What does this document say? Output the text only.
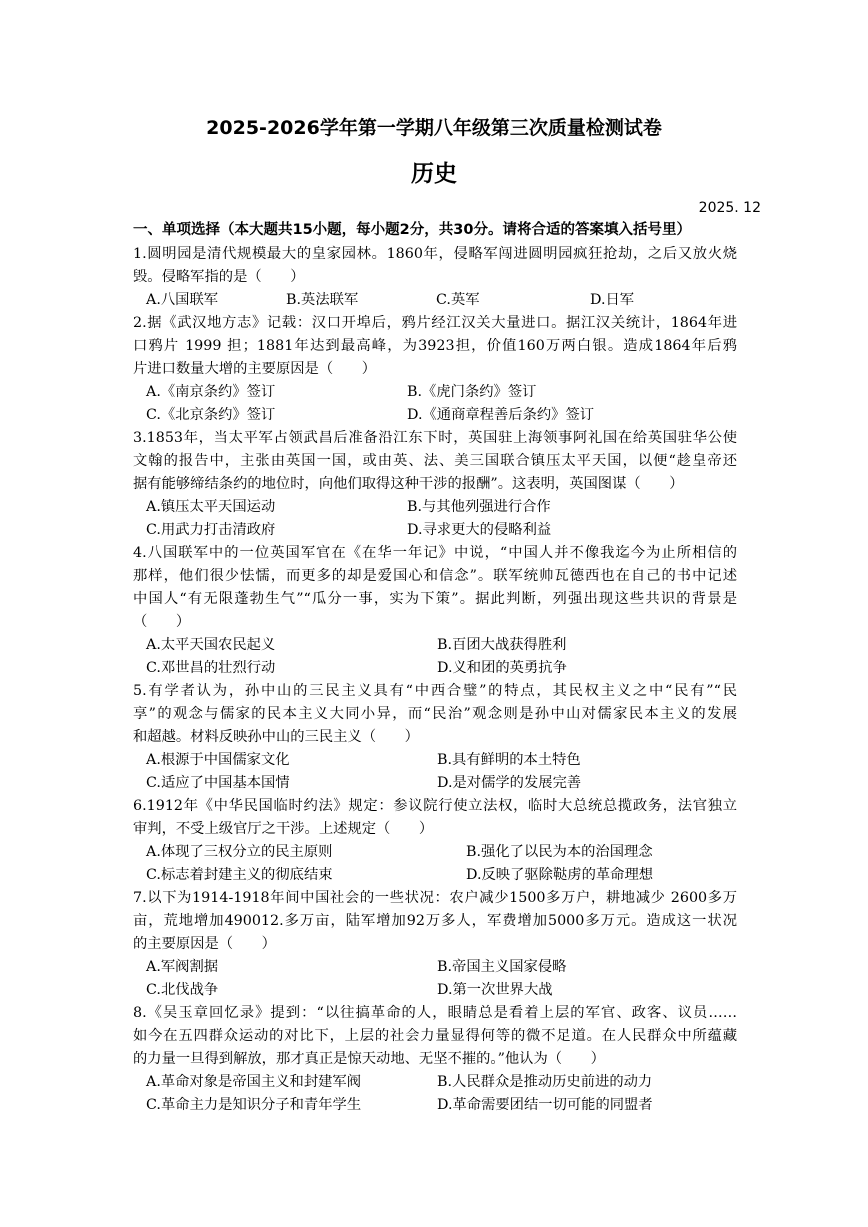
2025-2026学年第一学期八年级第三次质量检测试卷
历史
2025. 12
一、单项选择（本大题共15小题，每小题2分，共30分。请将合适的答案填入括号里）
1.圆明园是清代规模最大的皇家园林。1860年，侵略军闯进圆明园疯狂抢劫，之后又放火烧
毁。侵略军指的是（　　）
A.八国联军	B.英法联军	C.英军	D.日军
2.据《武汉地方志》记载：汉口开埠后，鸦片经江汉关大量进口。据江汉关统计，1864年进
口鸦片 1999 担；1881年达到最高峰，为3923担，价值160万两白银。造成1864年后鸦
片进口数量大增的主要原因是（　　）
A.《南京条约》签订	B.《虎门条约》签订
C.《北京条约》签订	D.《通商章程善后条约》签订
3.1853年，当太平军占领武昌后准备沿江东下时，英国驻上海领事阿礼国在给英国驻华公使
文翰的报告中，主张由英国一国，或由英、法、美三国联合镇压太平天国，以便“趁皇帝还
据有能够缔结条约的地位时，向他们取得这种干涉的报酬”。这表明，英国图谋（　　）
A.镇压太平天国运动	B.与其他列强进行合作
C.用武力打击清政府	D.寻求更大的侵略利益
4.八国联军中的一位英国军官在《在华一年记》中说，“中国人并不像我迄今为止所相信的
那样，他们很少怯懦，而更多的却是爱国心和信念”。联军统帅瓦德西也在自己的书中记述
中国人“有无限蓬勃生气”“瓜分一事，实为下策”。据此判断，列强出现这些共识的背景是
（　　）
A.太平天国农民起义	B.百团大战获得胜利
C.邓世昌的壮烈行动	D.义和团的英勇抗争
5.有学者认为，孙中山的三民主义具有“中西合璧”的特点，其民权主义之中“民有”“民
享”的观念与儒家的民本主义大同小异，而“民治”观念则是孙中山对儒家民本主义的发展
和超越。材料反映孙中山的三民主义（　　）
A.根源于中国儒家文化	B.具有鲜明的本土特色
C.适应了中国基本国情	D.是对儒学的发展完善
6.1912年《中华民国临时约法》规定：参议院行使立法权，临时大总统总揽政务，法官独立
审判，不受上级官厅之干涉。上述规定（　　）
A.体现了三权分立的民主原则	B.强化了以民为本的治国理念
C.标志着封建主义的彻底结束	D.反映了驱除鞑虏的革命理想
7.以下为1914-1918年间中国社会的一些状况：农户减少1500多万户，耕地减少 2600多万
亩，荒地增加490012.多万亩，陆军增加92万多人，军费增加5000多万元。造成这一状况
的主要原因是（　　）
A.军阀割据	B.帝国主义国家侵略
C.北伐战争	D.第一次世界大战
8.《吴玉章回忆录》提到：“以往搞革命的人，眼睛总是看着上层的军官、政客、议员……
如今在五四群众运动的对比下，上层的社会力量显得何等的微不足道。在人民群众中所蕴藏
的力量一旦得到解放，那才真正是惊天动地、无坚不摧的。”他认为（　　）
A.革命对象是帝国主义和封建军阀	B.人民群众是推动历史前进的动力
C.革命主力是知识分子和青年学生	D.革命需要团结一切可能的同盟者
